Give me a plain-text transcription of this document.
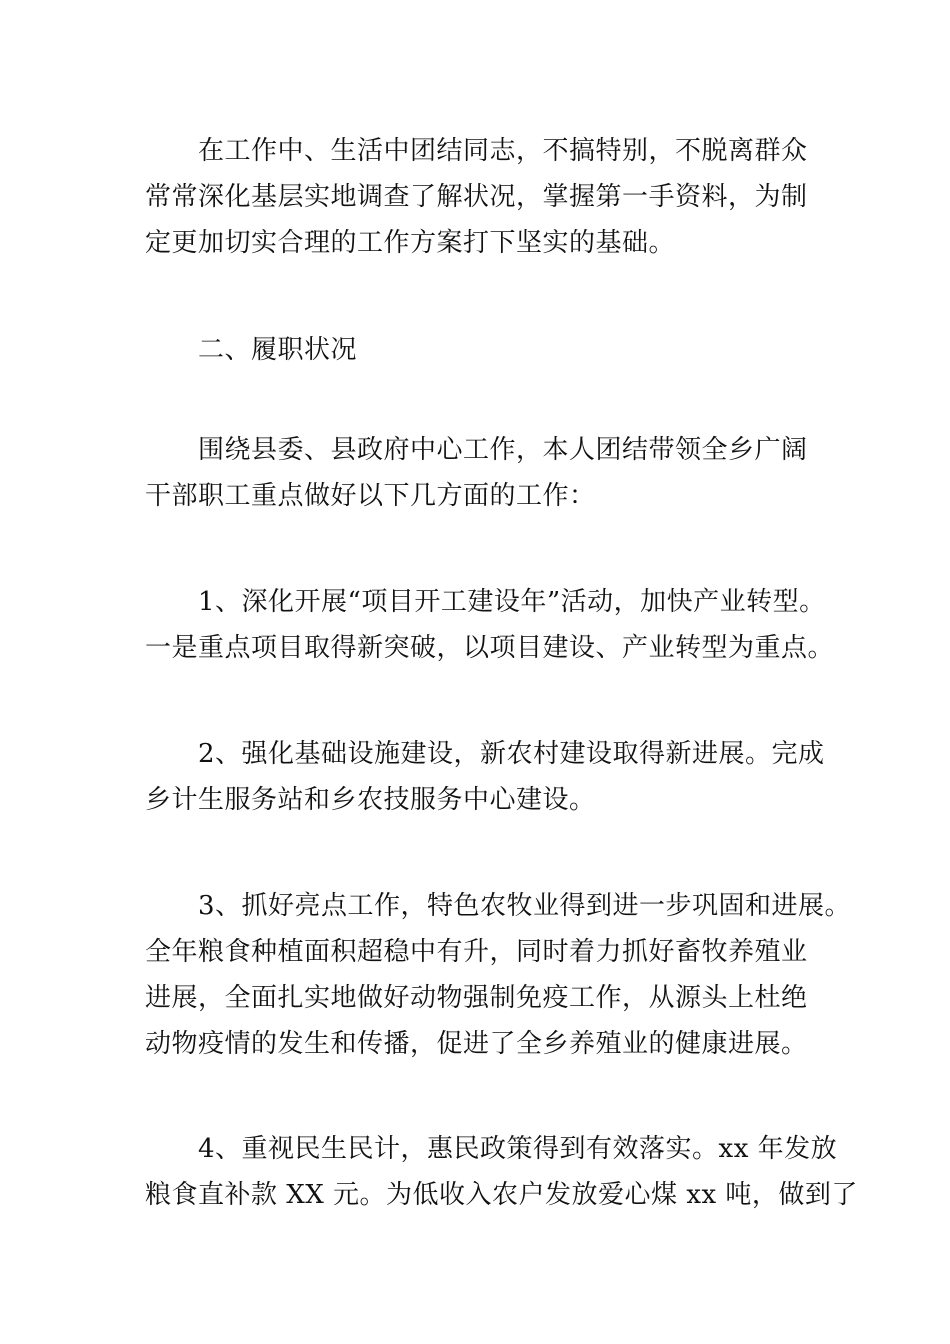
在工作中、生活中团结同志，不搞特别，不脱离群众
常常深化基层实地调查了解状况，掌握第一手资料，为制
定更加切实合理的工作方案打下坚实的基础。

二、履职状况

围绕县委、县政府中心工作，本人团结带领全乡广阔
干部职工重点做好以下几方面的工作：

1、深化开展“项目开工建设年”活动，加快产业转型。
一是重点项目取得新突破，以项目建设、产业转型为重点。

2、强化基础设施建设，新农村建设取得新进展。完成
乡计生服务站和乡农技服务中心建设。

3、抓好亮点工作，特色农牧业得到进一步巩固和进展。
全年粮食种植面积超稳中有升，同时着力抓好畜牧养殖业
进展，全面扎实地做好动物强制免疫工作，从源头上杜绝
动物疫情的发生和传播，促进了全乡养殖业的健康进展。

4、重视民生民计，惠民政策得到有效落实。xx 年发放
粮食直补款 XX 元。为低收入农户发放爱心煤 xx 吨，做到了
